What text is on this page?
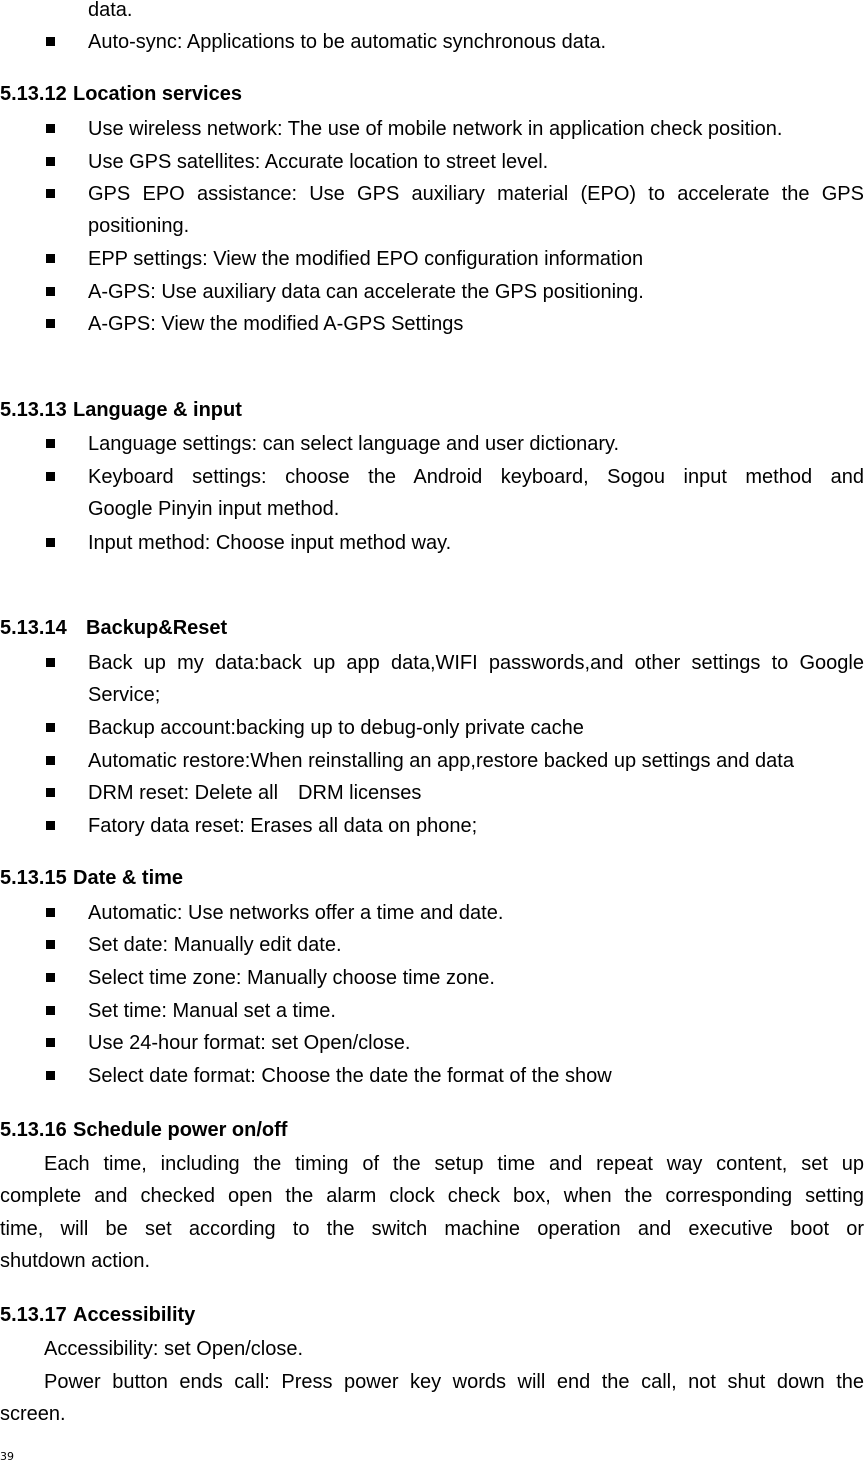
data.
Auto-sync: Applications to be automatic synchronous data.
5.13.12 Location services
Use wireless network: The use of mobile network in application check position.
Use GPS satellites: Accurate location to street level.
GPS EPO assistance: Use GPS auxiliary material (EPO) to accelerate the GPS
positioning.
EPP settings: View the modified EPO configuration information
A-GPS: Use auxiliary data can accelerate the GPS positioning.
A-GPS: View the modified A-GPS Settings
5.13.13 Language & input
Language settings: can select language and user dictionary.
Keyboard settings: choose the Android keyboard, Sogou input method and
Google Pinyin input method.
Input method: Choose input method way.
5.13.14 Backup&Reset
Back up my data:back up app data,WIFI passwords,and other settings to Google
Service;
Backup account:backing up to debug-only private cache
Automatic restore:When reinstalling an app,restore backed up settings and data
DRM reset: Delete all　DRM licenses
Fatory data reset: Erases all data on phone;
5.13.15 Date & time
Automatic: Use networks offer a time and date.
Set date: Manually edit date.
Select time zone: Manually choose time zone.
Set time: Manual set a time.
Use 24-hour format: set Open/close.
Select date format: Choose the date the format of the show
5.13.16 Schedule power on/off
Each time, including the timing of the setup time and repeat way content, set up
complete and checked open the alarm clock check box, when the corresponding setting
time, will be set according to the switch machine operation and executive boot or
shutdown action.
5.13.17 Accessibility
Accessibility: set Open/close.
Power button ends call: Press power key words will end the call, not shut down the
screen.
39
